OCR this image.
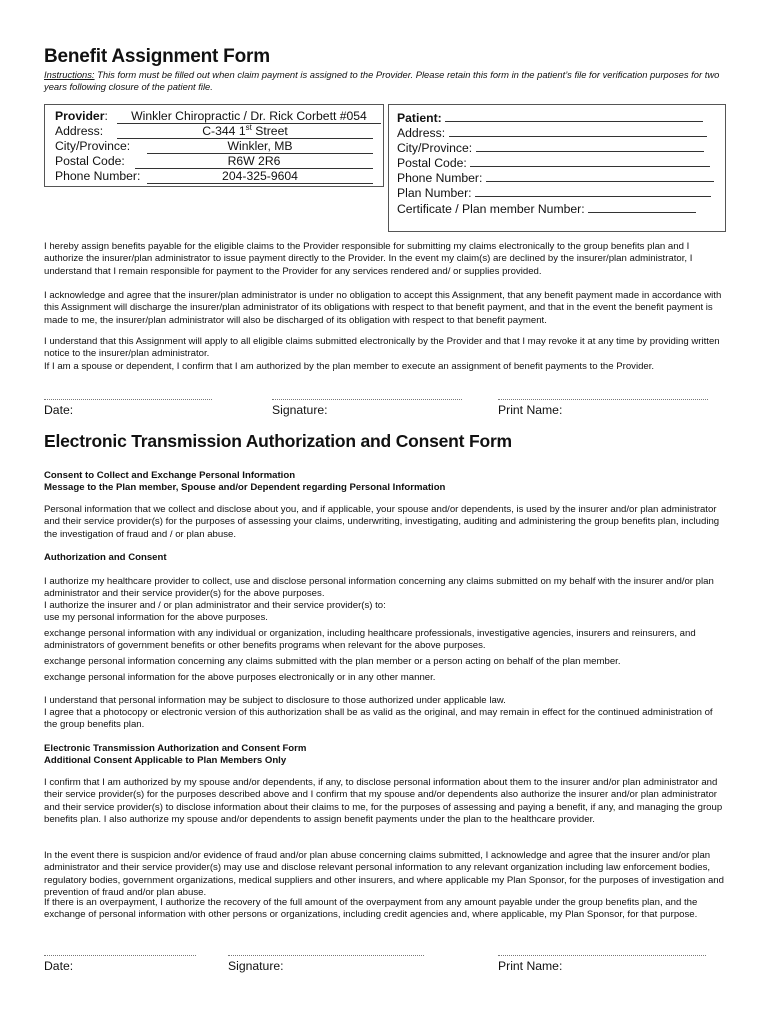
Benefit Assignment Form
Instructions: This form must be filled out when claim payment is assigned to the Provider. Please retain this form in the patient’s file for verification purposes for two years following closure of the patient file.
Provider:	Winkler Chiropractic / Dr. Rick Corbett #054
Address:	C-344 1st Street
City/Province:	Winkler, MB
Postal Code:	R6W 2R6
Phone Number:	204-325-9604
Patient:
Address:
City/Province:
Postal Code:
Phone Number:
Plan Number:
Certificate / Plan member Number:

I hereby assign benefits payable for the eligible claims to the Provider responsible for submitting my claims electronically to the group benefits plan and I authorize the insurer/plan administrator to issue payment directly to the Provider. In the event my claim(s) are declined by the insurer/plan administrator, I understand that I remain responsible for payment to the Provider for any services rendered and/ or supplies provided.

I acknowledge and agree that the insurer/plan administrator is under no obligation to accept this Assignment, that any benefit payment made in accordance with this Assignment will discharge the insurer/plan administrator of its obligations with respect to that benefit payment, and that in the event the benefit payment is made to me, the insurer/plan administrator will also be discharged of its obligation with respect to that benefit payment.

I understand that this Assignment will apply to all eligible claims submitted electronically by the Provider and that I may revoke it at any time by providing written notice to the insurer/plan administrator.

If I am a spouse or dependent, I confirm that I am authorized by the plan member to execute an assignment of benefit payments to the Provider.

Date:	Signature:	Print Name:
Electronic Transmission Authorization and Consent Form

Consent to Collect and Exchange Personal Information

Message to the Plan member, Spouse and/or Dependent regarding Personal Information

Personal information that we collect and disclose about you, and if applicable, your spouse and/or dependents, is used by the insurer and/or plan administrator and their service provider(s) for the purposes of assessing your claims, underwriting, investigating, auditing and administering the group benefits plan, including the investigation of fraud and / or plan abuse.

Authorization and Consent

I authorize my healthcare provider to collect, use and disclose personal information concerning any claims submitted on my behalf with the insurer and/or plan administrator and their service provider(s) for the above purposes.

I authorize the insurer and / or plan administrator and their service provider(s) to:

use my personal information for the above purposes.

exchange personal information with any individual or organization, including healthcare professionals, investigative agencies, insurers and reinsurers, and administrators of government benefits or other benefits programs when relevant for the above purposes.

exchange personal information concerning any claims submitted with the plan member or a person acting on behalf of the plan member.

exchange personal information for the above purposes electronically or in any other manner.

I understand that personal information may be subject to disclosure to those authorized under applicable law.

I agree that a photocopy or electronic version of this authorization shall be as valid as the original, and may remain in effect for the continued administration of the group benefits plan.

Electronic Transmission Authorization and Consent Form

Additional Consent Applicable to Plan Members Only

I confirm that I am authorized by my spouse and/or dependents, if any, to disclose personal information about them to the insurer and/or plan administrator and their service provider(s) for the purposes described above and I confirm that my spouse and/or dependents also authorize the insurer and/or plan administrator and their service provider(s) to disclose information about their claims to me, for the purposes of assessing and paying a benefit, if any, and managing the group benefits plan. I also authorize my spouse and/or dependents to assign benefit payments under the plan to the healthcare provider.

In the event there is suspicion and/or evidence of fraud and/or plan abuse concerning claims submitted, I acknowledge and agree that the insurer and/or plan administrator and their service provider(s) may use and disclose relevant personal information to any relevant organization including law enforcement bodies, regulatory bodies, government organizations, medical suppliers and other insurers, and where applicable my Plan Sponsor, for the purposes of investigation and prevention of fraud and/or plan abuse.

If there is an overpayment, I authorize the recovery of the full amount of the overpayment from any amount payable under the group benefits plan, and the exchange of personal information with other persons or organizations, including credit agencies and, where applicable, my Plan Sponsor, for that purpose.

Date:	Signature:	Print Name:
